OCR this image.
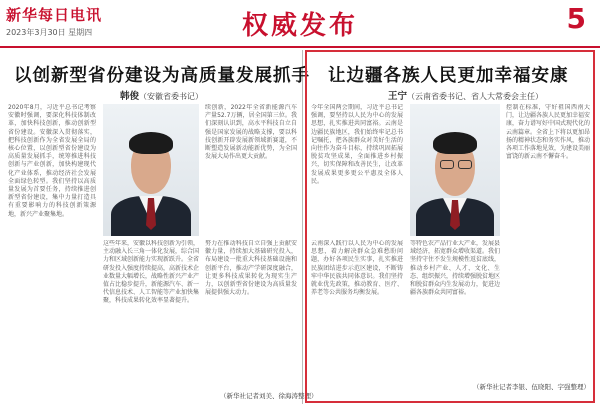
新华每日电讯
2023年3月30日 星期四	权威发布	5
以创新型省份建设为高质量发展抓手
韩俊（安徽省委书记）
2020年8月，习近平总书记考察安徽时强调，要深化科技体制改革，加快科技创新，推动创新型省份建设。安徽深入贯彻落实，把科技创新作为全省发展全局的核心位置，以创新型省份建设为高质量发展抓手，统筹推进科技创新与产业创新，加快构建现代化产业体系，推动经济社会发展全面绿色转型。我们坚持以高质量发展为首要任务，持续推进创新型省份建设，集中力量打造具有重要影响力的科技创新策源地，新兴产业聚集地。
这些年来，安徽以科技创新为引领，主动融入长三角一体化发展，综合国力和区域创新能力实现新跃升。全省研发投入强度持续提高，高新技术企业数量大幅增长，战略性新兴产业产值占比稳步提升，新能源汽车、新一代信息技术、人工智能等产业加快集聚，科技成果转化效率显著提升。
续创新，2022年全省新能源汽车产量52.7万辆，居全国第三位。我们深刻认识到，高水平科技自立自强是国家发展的战略支撑，要以科技创新开辟发展新领域新赛道，不断塑造发展新动能新优势，为全国发展大局作出更大贡献。
努力在推动科技自立自强上贡献安徽力量，持续加大基础研究投入，布局建设一批重大科技基础设施和创新平台，推动产学研深度融合，让更多科技成果转化为现实生产力，以创新型省份建设为高质量发展提供强大动力。
（新华社记者刘美、徐海涛整理）
让边疆各族人民更加幸福安康
王宁（云南省委书记、省人大常委会主任）
今年全国两会期间，习近平总书记强调，要坚持以人民为中心的发展思想，扎实推进共同富裕。云南是边疆民族地区，我们始终牢记总书记嘱托，把各族群众对美好生活的向往作为奋斗目标，持续巩固拓展脱贫攻坚成果，全面推进乡村振兴，切实保障和改善民生，让改革发展成果更多更公平惠及全体人民。
云南深入践行以人民为中心的发展思想，着力解决群众急难愁盼问题，办好各项民生实事，扎实推进民族团结进步示范区建设，不断铸牢中华民族共同体意识。我们坚持就业优先政策，推动教育、医疗、养老等公共服务均衡发展。
等特色农产品行业大产业，发展县域经济，拓宽群众增收渠道。我们坚持守住不发生规模性返贫底线，推动乡村产业、人才、文化、生态、组织振兴，持续增强脱贫地区和脱贫群众内生发展动力，促进边疆各族群众共同富裕。
控制在标准，守好祖国西南大门，让边疆各族人民更加幸福安康，奋力谱写好中国式现代化的云南篇章。全省上下将以更加昂扬的精神状态和务实作风，推动各项工作落地见效，为建设美丽富饶的新云南不懈奋斗。
（新华社记者李银、伍晓阳、字强整理）
